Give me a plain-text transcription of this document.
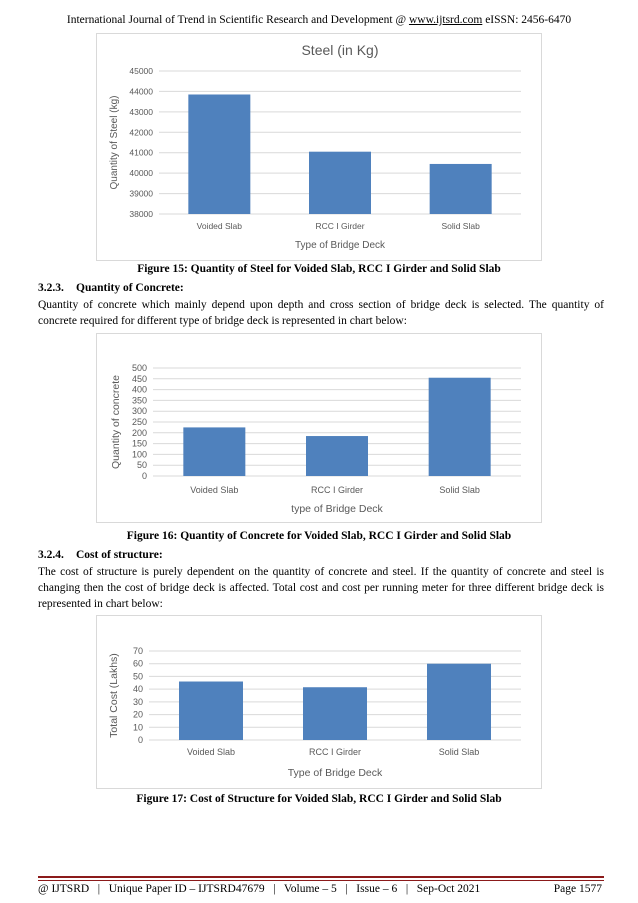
International Journal of Trend in Scientific Research and Development @ www.ijtsrd.com eISSN: 2456-6470
38000
39000
40000
41000
42000
43000
44000
45000
Voided Slab	RCC I Girder	Solid Slab
Type of Bridge Deck
Quantity of Steel (kg)
Steel (in Kg)
Figure 15: Quantity of Steel for Voided Slab, RCC I Girder and Solid Slab
3.2.3. Quantity of Concrete:
Quantity of concrete which mainly depend upon depth and cross section of bridge deck is selected. The quantity of concrete required for different type of bridge deck is represented in chart below:
0
50
100
150
200
250
300
350
400
450
500
Voided Slab	RCC I Girder	Solid Slab
type of Bridge Deck
Quantity of concrete
Figure 16: Quantity of Concrete for Voided Slab, RCC I Girder and Solid Slab
3.2.4. Cost of structure:
The cost of structure is purely dependent on the quantity of concrete and steel. If the quantity of concrete and steel is changing then the cost of bridge deck is affected. Total cost and cost per running meter for three different bridge deck is represented in chart below:
0
10
20
30
40
50
60
70
Voided Slab	RCC I Girder	Solid Slab
Type of Bridge Deck
Total Cost (Lakhs)
Figure 17: Cost of Structure for Voided Slab, RCC I Girder and Solid Slab
@ IJTSRD   |   Unique Paper ID – IJTSRD47679   |   Volume – 5   |   Issue – 6   |   Sep-Oct 2021	Page 1577
